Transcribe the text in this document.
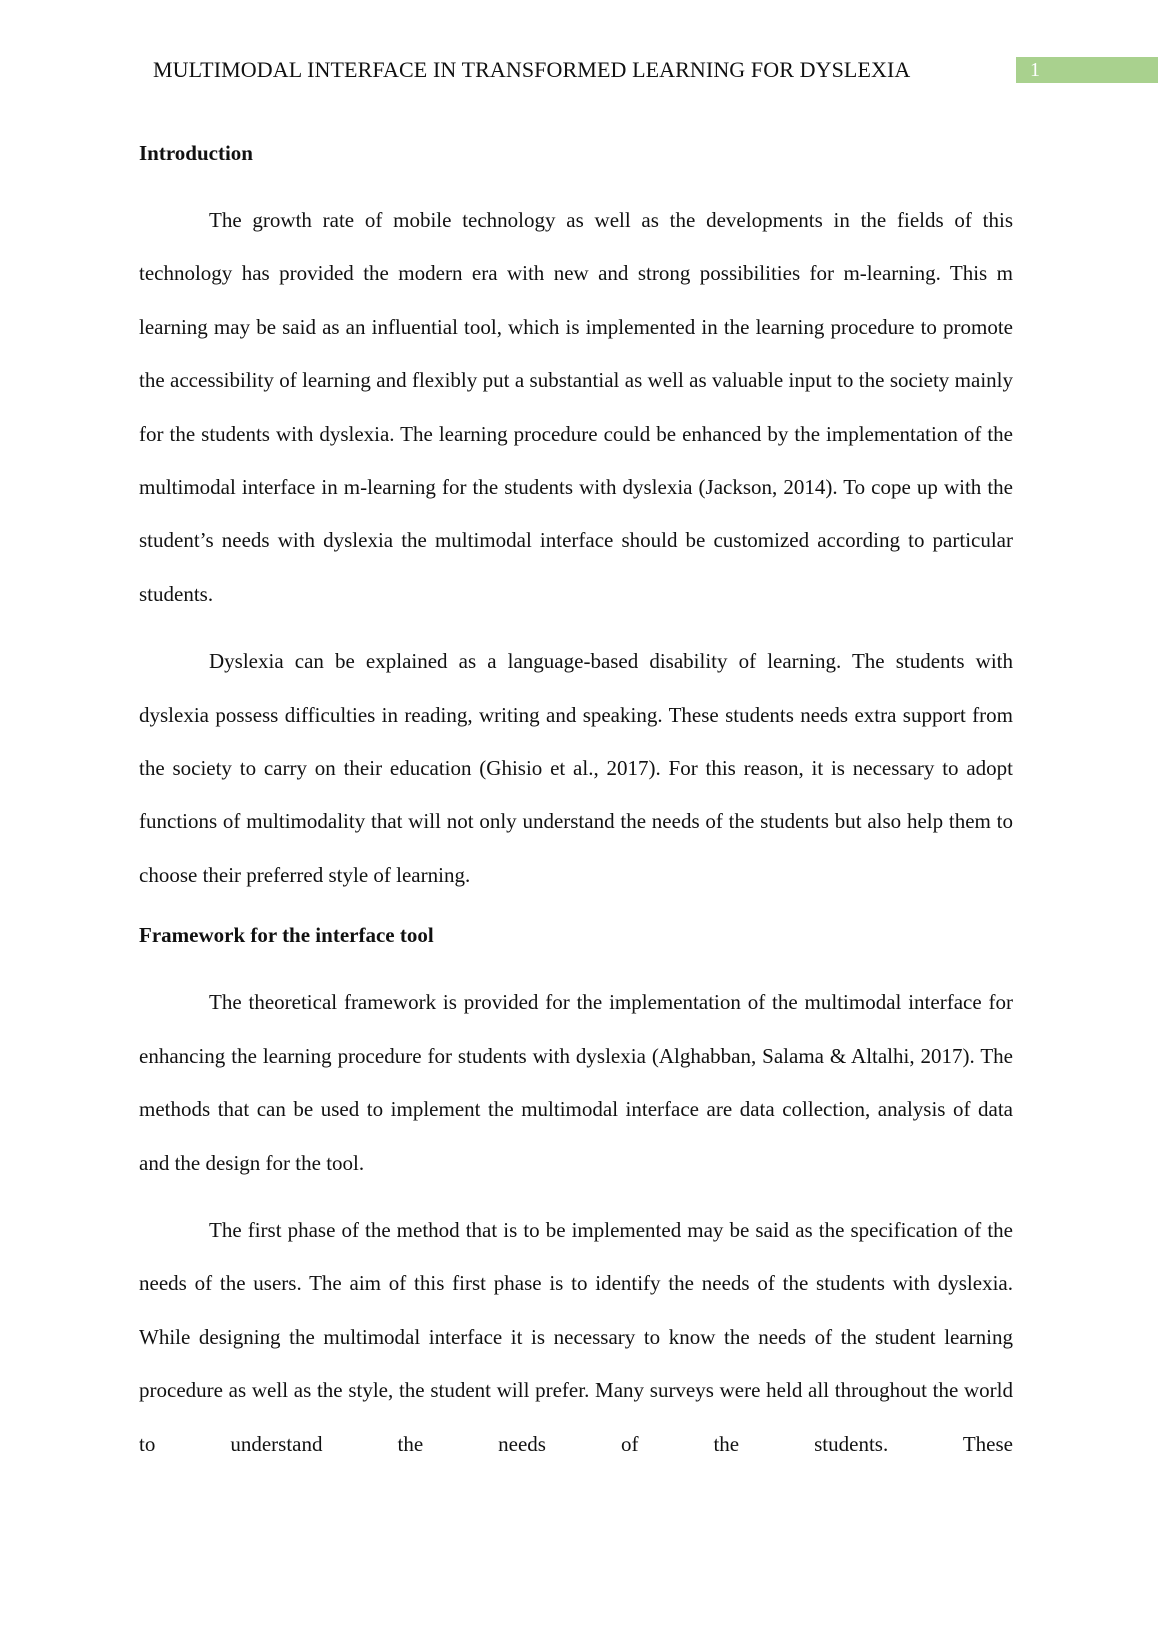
MULTIMODAL INTERFACE IN TRANSFORMED LEARNING FOR DYSLEXIA	1
Introduction

The growth rate of mobile technology as well as the developments in the fields of this technology has provided the modern era with new and strong possibilities for m-learning. This m learning may be said as an influential tool, which is implemented in the learning procedure to promote the accessibility of learning and flexibly put a substantial as well as valuable input to the society mainly for the students with dyslexia. The learning procedure could be enhanced by the implementation of the multimodal interface in m-learning for the students with dyslexia (Jackson, 2014). To cope up with the student’s needs with dyslexia the multimodal interface should be customized according to particular students.

Dyslexia can be explained as a language-based disability of learning. The students with dyslexia possess difficulties in reading, writing and speaking. These students needs extra support from the society to carry on their education (Ghisio et al., 2017). For this reason, it is necessary to adopt functions of multimodality that will not only understand the needs of the students but also help them to choose their preferred style of learning.

Framework for the interface tool

The theoretical framework is provided for the implementation of the multimodal interface for enhancing the learning procedure for students with dyslexia (Alghabban, Salama & Altalhi, 2017). The methods that can be used to implement the multimodal interface are data collection, analysis of data and the design for the tool.

The first phase of the method that is to be implemented may be said as the specification of the needs of the users. The aim of this first phase is to identify the needs of the students with dyslexia. While designing the multimodal interface it is necessary to know the needs of the student learning procedure as well as the style, the student will prefer. Many surveys were held all throughout the world to understand the needs of the students. These
